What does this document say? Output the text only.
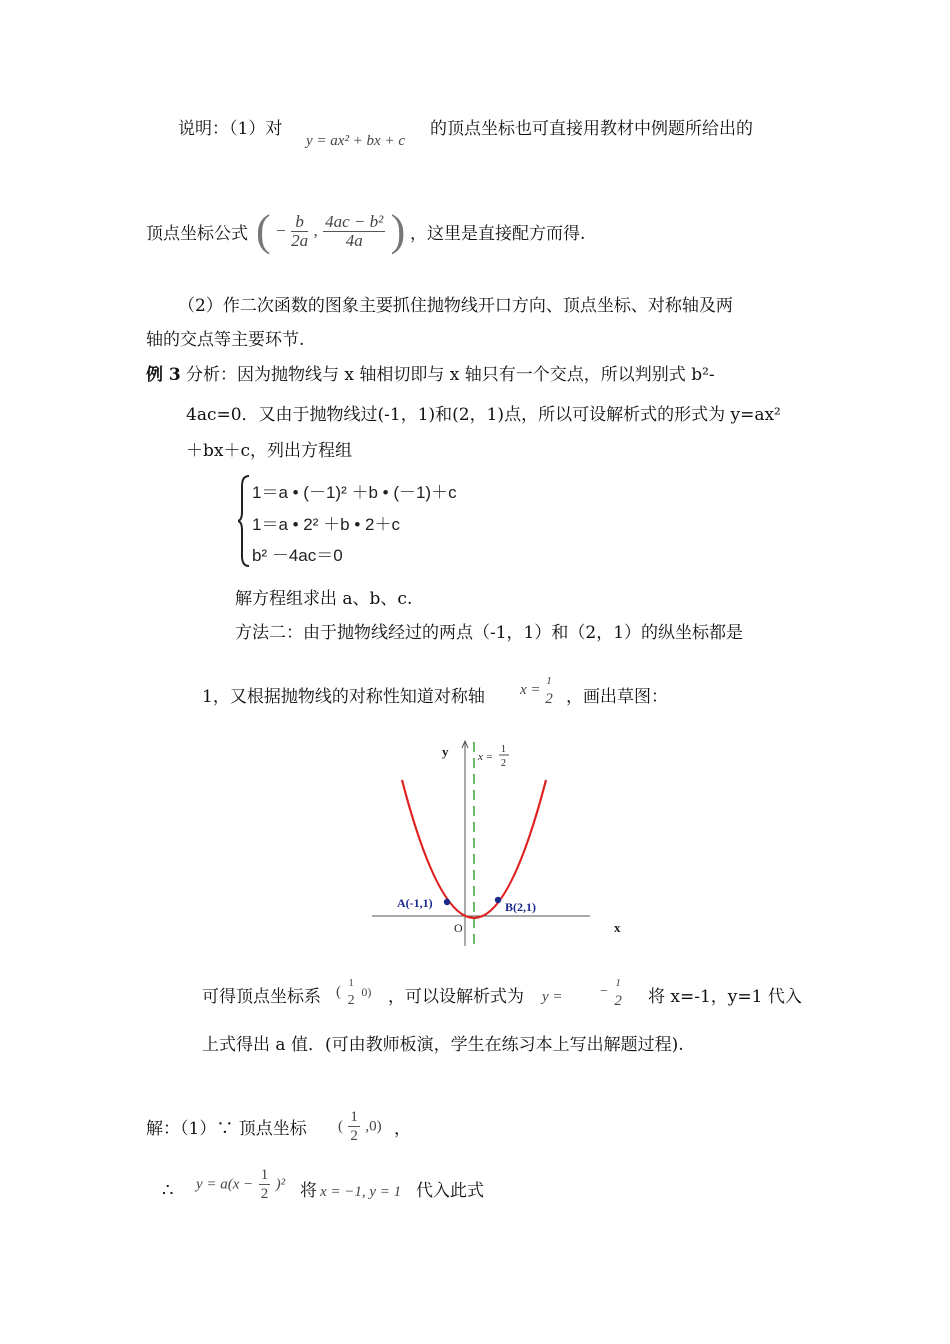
说明：（1）对
y = ax² + bx + c
的顶点坐标也可直接用教材中例题所给出的
顶点坐标公式 ( − $\frac{b}{2a}$ , $\frac{\text{4ac − b²}}{4a}$ ) ，这里是直接配方而得.
（2）作二次函数的图象主要抓住抛物线开口方向、顶点坐标、对称轴及两
轴的交点等主要环节.
例 3 分析：因为抛物线与 x 轴相切即与 x 轴只有一个交点，所以判别式 b²-
4ac=0．又由于抛物线过(-1，1)和(2，1)点，所以可设解析式的形式为 y=ax²
＋bx＋c，列出方程组
1＝a • (－1)² ＋b • (－1)＋c
1＝a • 2² ＋b • 2＋c
b² －4ac＝0
解方程组求出 a、b、c.
方法二：由于抛物线经过的两点（-1，1）和（2，1）的纵坐标都是
1，又根据抛物线的对称性知道对称轴 x =
1
2 ，画出草图：
y
x
O
x =
1
2
A(-1,1)	B(2,1)
可得顶点坐标系 (
1
2
0) ，可以设解析式为 y =	−
1
2 将 x=-1，y=1 代入
上式得出 a 值．(可由教师板演，学生在练习本上写出解题过程).
解：（1）∵ 顶点坐标 ( $\frac{1}{2} ,0$) ，
∴ $y = a(x - \frac{1}{2} )^2$ 将 x = −1, y = 1 代入此式
